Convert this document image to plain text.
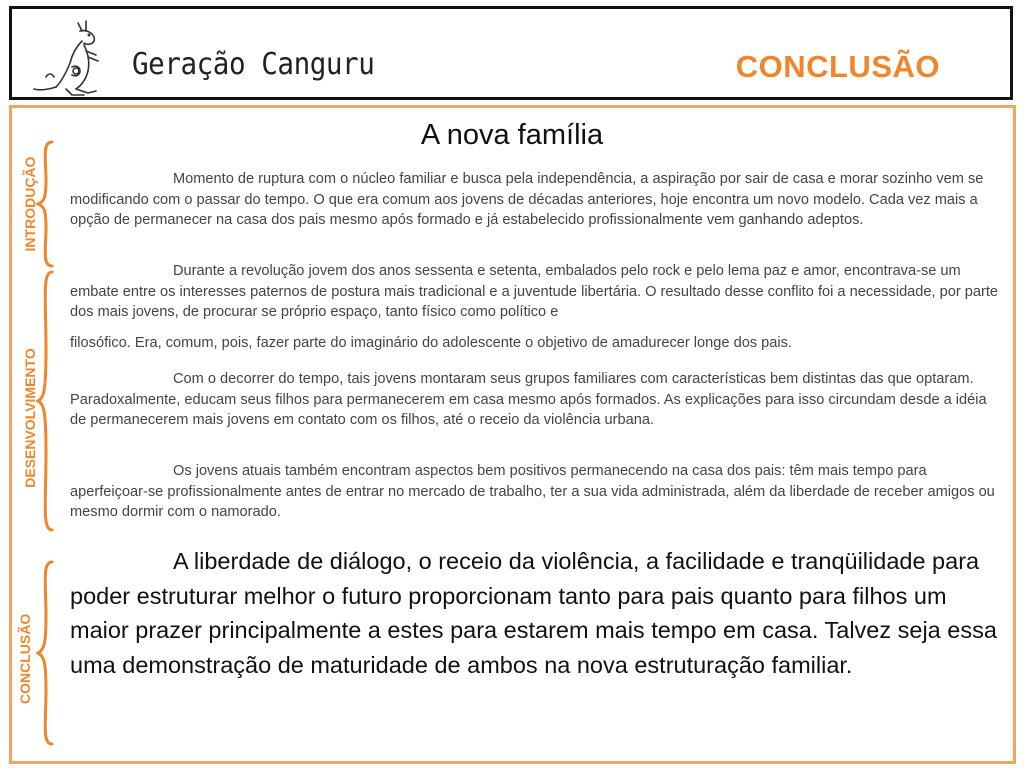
Geração Canguru	CONCLUSÃO
INTRODUÇÃO
DESENVOLVIMENTO
CONCLUSÃO
A nova família

Momento de ruptura com o núcleo familiar e busca pela independência, a aspiração por sair de casa e morar sozinho vem se modificando com o passar do tempo. O que era comum aos jovens de décadas anteriores, hoje encontra um novo modelo. Cada vez mais a opção de permanecer na casa dos pais mesmo após formado e já estabelecido profissionalmente vem ganhando adeptos.

Durante a revolução jovem dos anos sessenta e setenta, embalados pelo rock e pelo lema paz e amor, encontrava-se um embate entre os interesses paternos de postura mais tradicional e a juventude libertária. O resultado desse conflito foi a necessidade, por parte dos mais jovens, de procurar se próprio espaço, tanto físico como político e

filosófico. Era, comum, pois, fazer parte do imaginário do adolescente o objetivo de amadurecer longe dos pais.

Com o decorrer do tempo, tais jovens montaram seus grupos familiares com características bem distintas das que optaram. Paradoxalmente, educam seus filhos para permanecerem em casa mesmo após formados. As explicações para isso circundam desde a idéia de permanecerem mais jovens em contato com os filhos, até o receio da violência urbana.

Os jovens atuais também encontram aspectos bem positivos permanecendo na casa dos pais: têm mais tempo para aperfeiçoar-se profissionalmente antes de entrar no mercado de trabalho, ter a sua vida administrada, além da liberdade de receber amigos ou mesmo dormir com o namorado.

A liberdade de diálogo, o receio da violência, a facilidade e tranqüilidade para poder estruturar melhor o futuro proporcionam tanto para pais quanto para filhos um maior prazer principalmente a estes para estarem mais tempo em casa. Talvez seja essa uma demonstração de maturidade de ambos na nova estruturação familiar.
